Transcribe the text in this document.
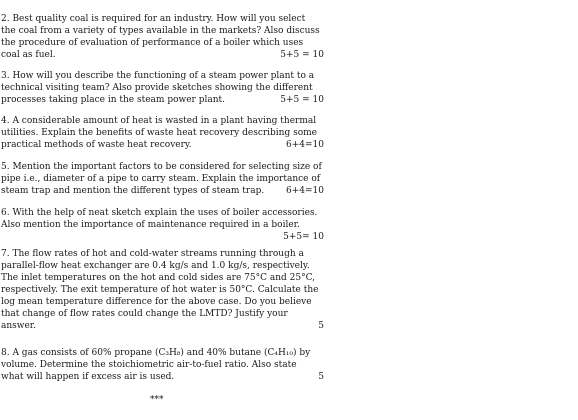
2. Best quality coal is required for an industry. How will you select
the coal from a variety of types available in the markets? Also discuss
the procedure of evaluation of performance of a boiler which uses
coal as fuel.	5+5 = 10
3. How will you describe the functioning of a steam power plant to a
technical visiting team? Also provide sketches showing the different
processes taking place in the steam power plant.	5+5 = 10
4. A considerable amount of heat is wasted in a plant having thermal
utilities. Explain the benefits of waste heat recovery describing some
practical methods of waste heat recovery.	6+4=10
5. Mention the important factors to be considered for selecting size of
pipe i.e., diameter of a pipe to carry steam. Explain the importance of
steam trap and mention the different types of steam trap. 6+4=10
6. With the help of neat sketch explain the uses of boiler accessories.
Also mention the importance of maintenance required in a boiler.
5+5= 10
7. The flow rates of hot and cold-water streams running through a
parallel-flow heat exchanger are 0.4 kg/s and 1.0 kg/s, respectively.
The inlet temperatures on the hot and cold sides are 75°C and 25°C,
respectively. The exit temperature of hot water is 50°C. Calculate the
log mean temperature difference for the above case. Do you believe
that change of flow rates could change the LMTD? Justify your
answer.	5
8. A gas consists of 60% propane (C₃H₈) and 40% butane (C₄H₁₀) by
volume. Determine the stoichiometric air-to-fuel ratio. Also state
what will happen if excess air is used.	5
***
